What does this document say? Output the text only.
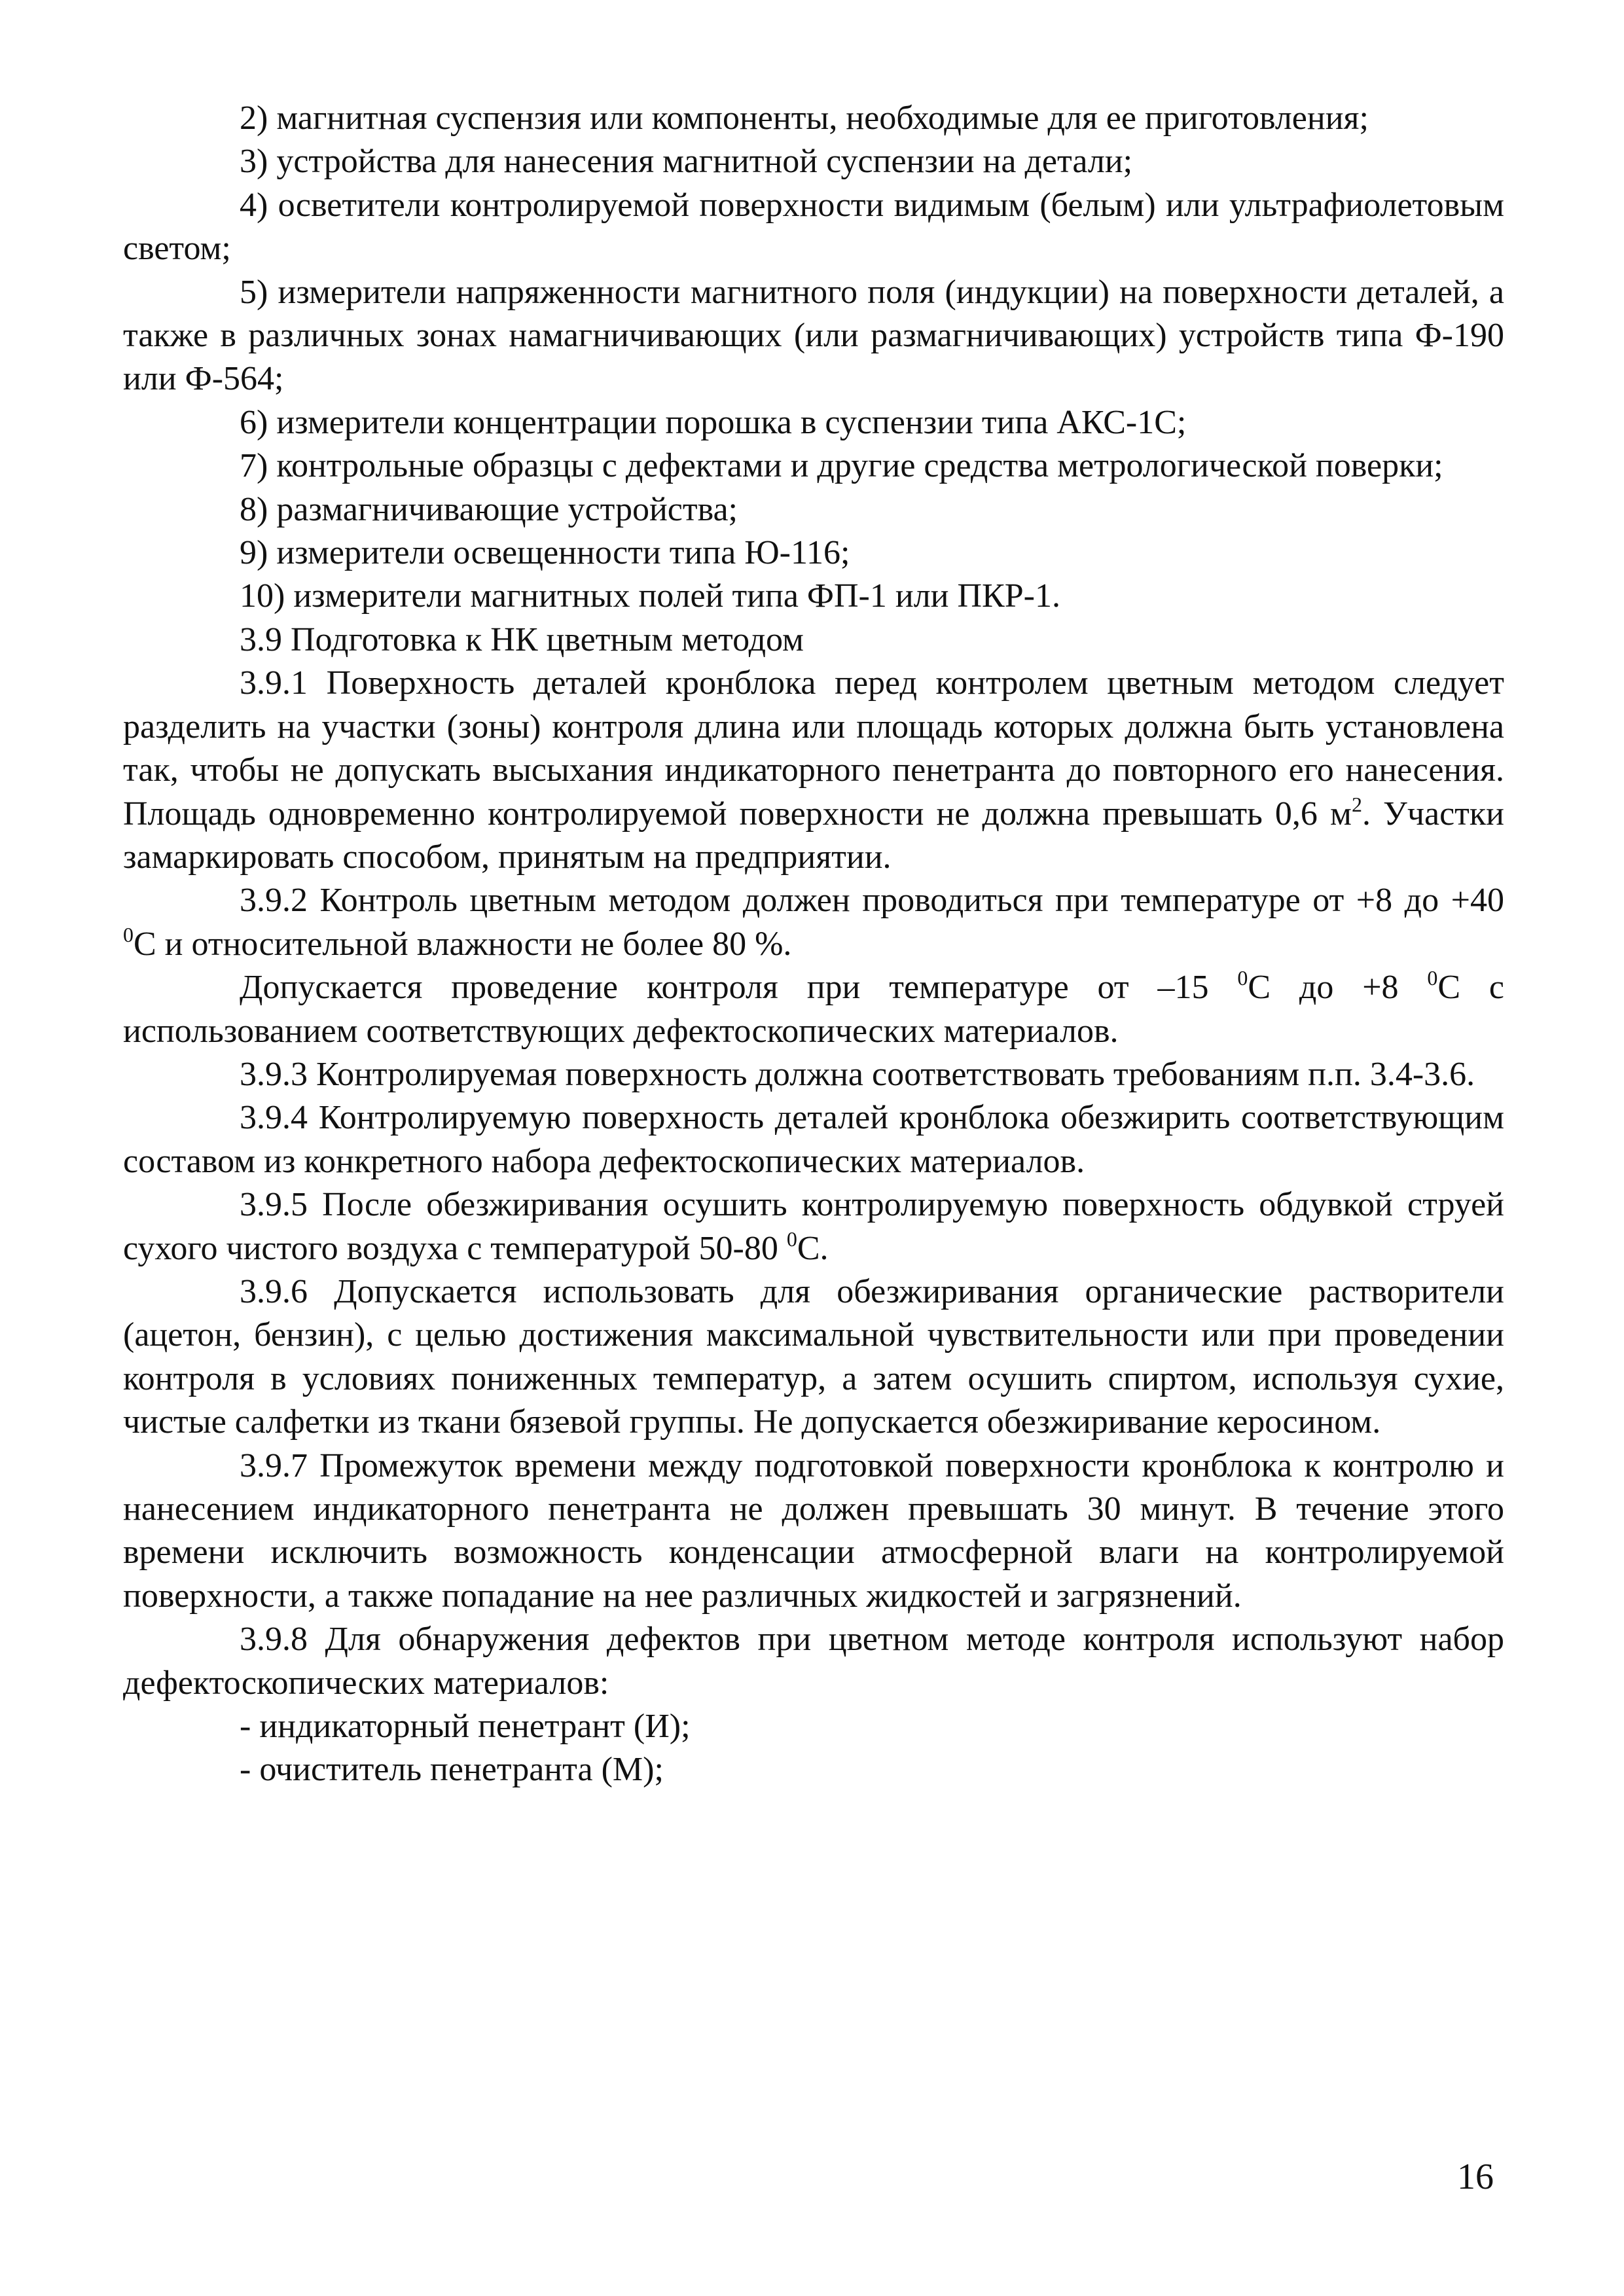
2) магнитная суспензия или компоненты, необходимые для ее приготовления;

3) устройства для нанесения магнитной суспензии на детали;

4) осветители контролируемой поверхности видимым (белым) или ультрафиолетовым светом;

5) измерители напряженности магнитного поля (индукции) на поверхности деталей, а также в различных зонах намагничивающих (или размагничивающих) устройств типа Ф-190 или Ф-564;

6) измерители концентрации порошка в суспензии типа АКС-1С;

7) контрольные образцы с дефектами и другие средства метрологической поверки;

8) размагничивающие устройства;

9) измерители освещенности типа Ю-116;

10) измерители магнитных полей типа ФП-1 или ПКР-1.

3.9 Подготовка к НК цветным методом

3.9.1 Поверхность деталей кронблока перед контролем цветным методом следует разделить на участки (зоны) контроля длина или площадь которых должна быть установлена так, чтобы не допускать высыхания индикаторного пенетранта до повторного его нанесения. Площадь одновременно контролируемой поверхности не должна превышать 0,6 $м^2$. Участки замаркировать способом, принятым на предприятии.

3.9.2 Контроль цветным методом должен проводиться при температуре от +8 до +40 $^0$С и относительной влажности не более 80 %.

Допускается проведение контроля при температуре от –15 $^0$С до +8 $^0$С с использованием соответствующих дефектоскопических материалов.

3.9.3 Контролируемая поверхность должна соответствовать требованиям п.п. 3.4-3.6.

3.9.4 Контролируемую поверхность деталей кронблока обезжирить соответствующим составом из конкретного набора дефектоскопических материалов.

3.9.5 После обезжиривания осушить контролируемую поверхность обдувкой струей сухого чистого воздуха с температурой 50-80 $^0$С.

3.9.6 Допускается использовать для обезжиривания органические растворители (ацетон, бензин), с целью достижения максимальной чувствительности или при проведении контроля в условиях пониженных температур, а затем осушить спиртом, используя сухие, чистые салфетки из ткани бязевой группы. Не допускается обезжиривание керосином.

3.9.7 Промежуток времени между подготовкой поверхности кронблока к контролю и нанесением индикаторного пенетранта не должен превышать 30 минут. В течение этого времени исключить возможность конденсации атмосферной влаги на контролируемой поверхности, а также попадание на нее различных жидкостей и загрязнений.

3.9.8 Для обнаружения дефектов при цветном методе контроля используют набор дефектоскопических материалов:

- индикаторный пенетрант (И);

- очиститель пенетранта (М);

16
